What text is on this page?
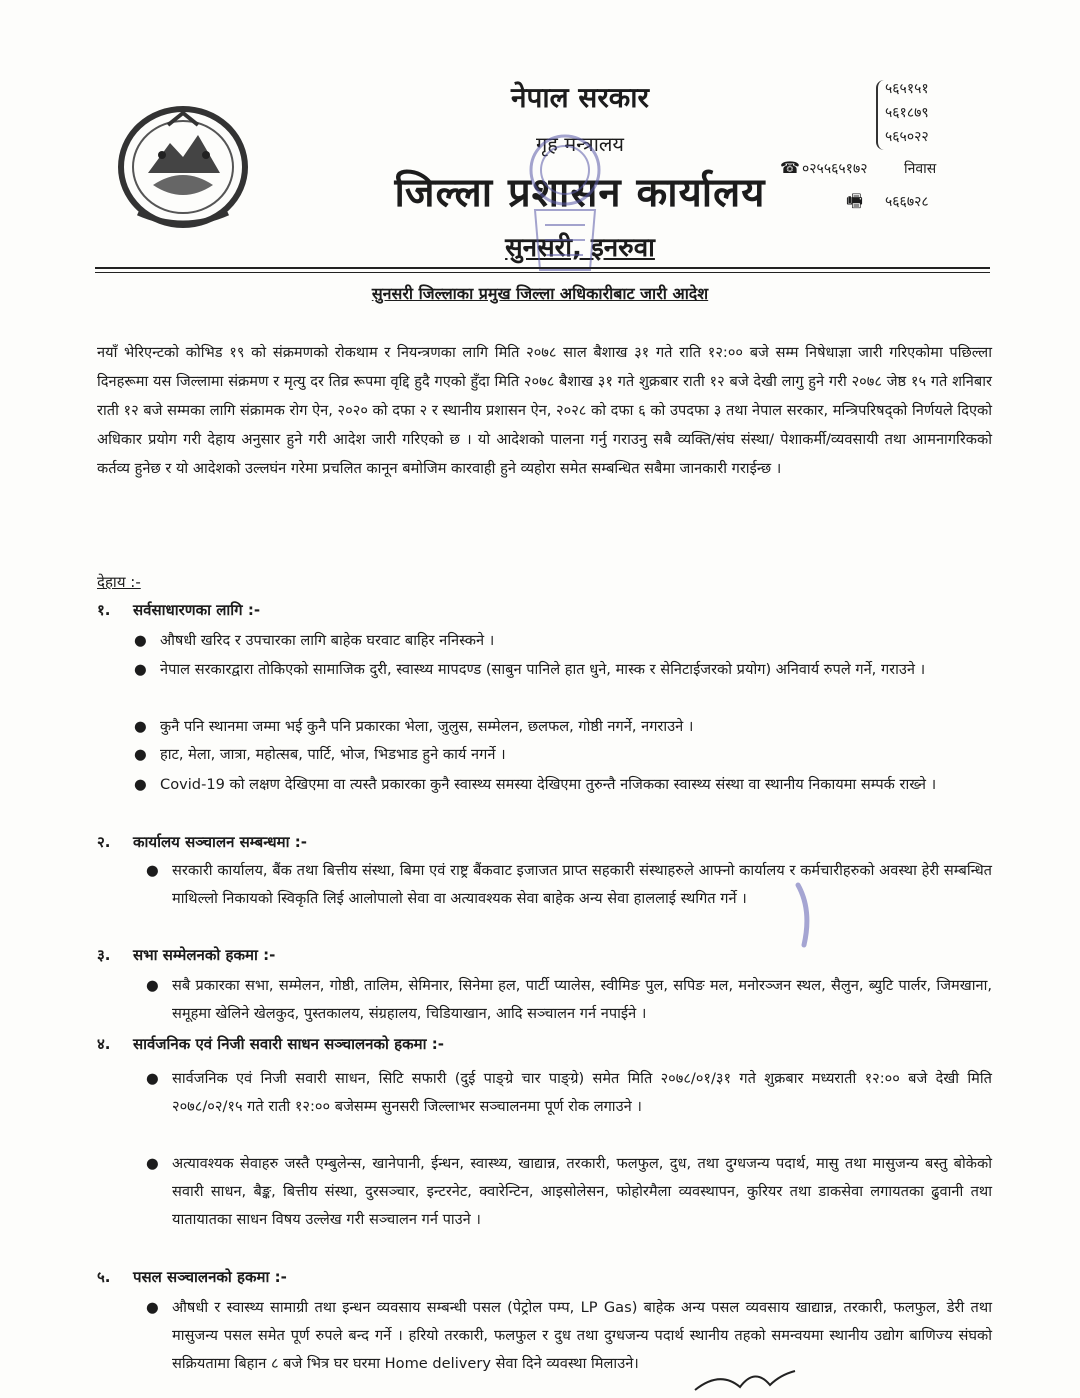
नेपाल सरकार
गृह मन्त्रालय
जिल्ला प्रशासन कार्यालय
सुनसरी, इनरुवा
५६५१५१
५६१८७९
५६५०२२
☎ ०२५५६५१७२	निवास
🖷 ५६६७२८
सुनसरी जिल्लाका प्रमुख जिल्ला अधिकारीबाट जारी आदेश
नयाँ भेरिएन्टको कोभिड १९ को संक्रमणको रोकथाम र नियन्त्रणका लागि मिति २०७८ साल बैशाख ३१ गते राति १२:०० बजे सम्म निषेधाज्ञा जारी गरिएकोमा पछिल्ला दिनहरूमा यस जिल्लामा संक्रमण र मृत्यु दर तिव्र रूपमा वृद्दि हुदै गएको हुँदा मिति २०७८ बैशाख ३१ गते शुक्रबार राती १२ बजे देखी लागु हुने गरी २०७८ जेष्ठ १५ गते शनिबार राती १२ बजे सम्मका लागि संक्रामक रोग ऐन, २०२० को दफा २ र स्थानीय प्रशासन ऐन, २०२८ को दफा ६ को उपदफा ३ तथा नेपाल सरकार, मन्त्रिपरिषद्को निर्णयले दिएको अधिकार प्रयोग गरी देहाय अनुसार हुने गरी आदेश जारी गरिएको छ । यो आदेशको पालना गर्नु गराउनु सबै व्यक्ति/संघ संस्था/ पेशाकर्मी/व्यवसायी तथा आमनागरिकको कर्तव्य हुनेछ र यो आदेशको उल्लघंन गरेमा प्रचलित कानून बमोजिम कारवाही हुने व्यहोरा समेत सम्बन्धित सबैमा जानकारी गराईन्छ ।
देहाय :-
१. सर्वसाधारणका लागि :-
● औषधी खरिद र उपचारका लागि बाहेक घरवाट बाहिर ननिस्कने ।
● नेपाल सरकारद्वारा तोकिएको सामाजिक दुरी, स्वास्थ्य मापदण्ड (साबुन पानिले हात धुने, मास्क र सेनिटाईजरको प्रयोग) अनिवार्य रुपले गर्ने, गराउने ।
● कुनै पनि स्थानमा जम्मा भई कुनै पनि प्रकारका भेला, जुलुस, सम्मेलन, छलफल, गोष्ठी नगर्ने, नगराउने ।
● हाट, मेला, जात्रा, महोत्सब, पार्टि, भोज, भिडभाड हुने कार्य नगर्ने ।
● Covid-19 को लक्षण देखिएमा वा त्यस्तै प्रकारका कुनै स्वास्थ्य समस्या देखिएमा तुरुन्तै नजिकका स्वास्थ्य संस्था वा स्थानीय निकायमा सम्पर्क राख्ने ।
२. कार्यालय सञ्चालन सम्बन्धमा :-
● सरकारी कार्यालय, बैंक तथा बित्तीय संस्था, बिमा एवं राष्ट्र बैंकवाट इजाजत प्राप्त सहकारी संस्थाहरुले आफ्नो कार्यालय र कर्मचारीहरुको अवस्था हेरी सम्बन्धित माथिल्लो निकायको स्विकृति लिई आलोपालो सेवा वा अत्यावश्यक सेवा बाहेक अन्य सेवा हाललाई स्थगित गर्ने ।
३. सभा सम्मेलनको हकमा :-
● सबै प्रकारका सभा, सम्मेलन, गोष्ठी, तालिम, सेमिनार, सिनेमा हल, पार्टी प्यालेस, स्वीमिङ पुल, सपिङ मल, मनोरञ्जन स्थल, सैलुन, ब्युटि पार्लर, जिमखाना, समूहमा खेलिने खेलकुद, पुस्तकालय, संग्रहालय, चिडियाखान, आदि सञ्चालन गर्न नपाईने ।
४. सार्वजनिक एवं निजी सवारी साधन सञ्चालनको हकमा :-
● सार्वजनिक एवं निजी सवारी साधन, सिटि सफारी (दुई पाङ्ग्रे चार पाङ्ग्रे) समेत मिति २०७८/०१/३१ गते शुक्रबार मध्यराती १२:०० बजे देखी मिति २०७८/०२/१५ गते राती १२:०० बजेसम्म सुनसरी जिल्लाभर सञ्चालनमा पूर्ण रोक लगाउने ।
● अत्यावश्यक सेवाहरु जस्तै एम्बुलेन्स, खानेपानी, ईन्धन, स्वास्थ्य, खाद्यान्न, तरकारी, फलफुल, दुध, तथा दुग्धजन्य पदार्थ, मासु तथा मासुजन्य बस्तु बोकेको सवारी साधन, बैङ्क, बित्तीय संस्था, दुरसञ्चार, इन्टरनेट, क्वारेन्टिन, आइसोलेसन, फोहोरमैला व्यवस्थापन, कुरियर तथा डाकसेवा लगायतका ढुवानी तथा यातायातका साधन विषय उल्लेख गरी सञ्चालन गर्न पाउने ।
५. पसल सञ्चालनको हकमा :-
● औषधी र स्वास्थ्य सामाग्री तथा इन्धन व्यवसाय सम्बन्धी पसल (पेट्रोल पम्प, LP Gas) बाहेक अन्य पसल व्यवसाय खाद्यान्न, तरकारी, फलफुल, डेरी तथा मासुजन्य पसल समेत पूर्ण रुपले बन्द गर्ने । हरियो तरकारी, फलफुल र दुध तथा दुग्धजन्य पदार्थ स्थानीय तहको समन्वयमा स्थानीय उद्योग बाणिज्य संघको सक्रियतामा बिहान ८ बजे भित्र घर घरमा Home delivery सेवा दिने व्यवस्था मिलाउने।
